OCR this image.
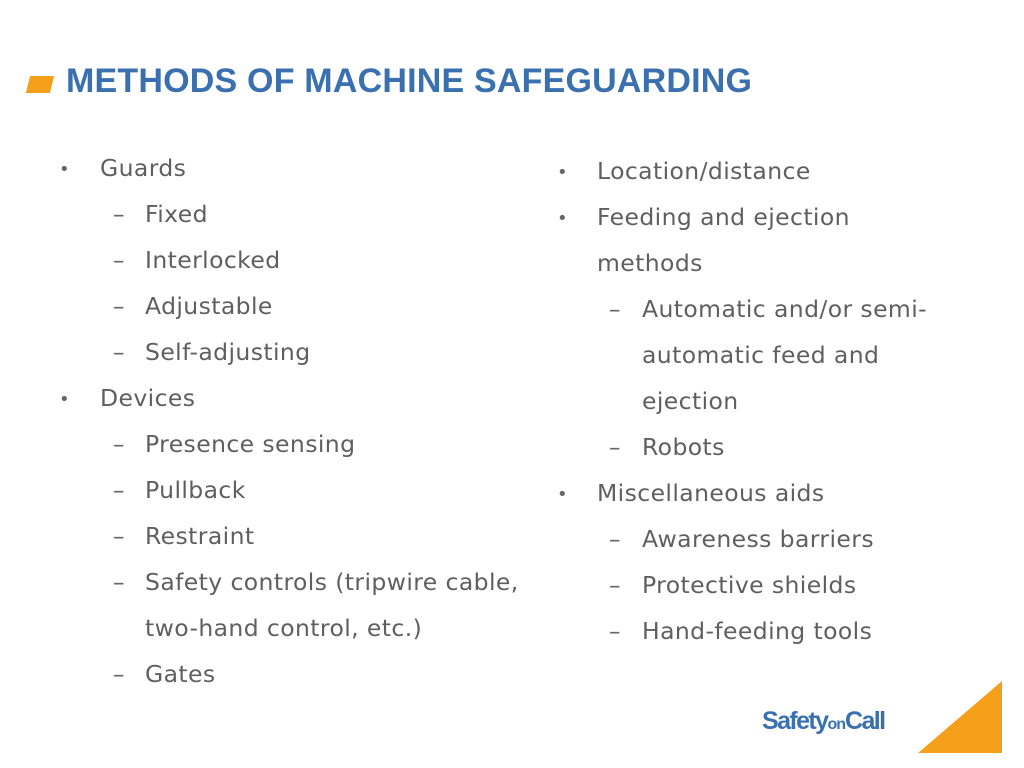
METHODS OF MACHINE SAFEGUARDING
• Guards
– Fixed
– Interlocked
– Adjustable
– Self-adjusting
• Devices
– Presence sensing
– Pullback
– Restraint
– Safety controls (tripwire cable,
two-hand control, etc.)
– Gates
• Location/distance
• Feeding and ejection
methods
– Automatic and/or semi-
automatic feed and
ejection
– Robots
• Miscellaneous aids
– Awareness barriers
– Protective shields
– Hand-feeding tools
SafetyonCall
